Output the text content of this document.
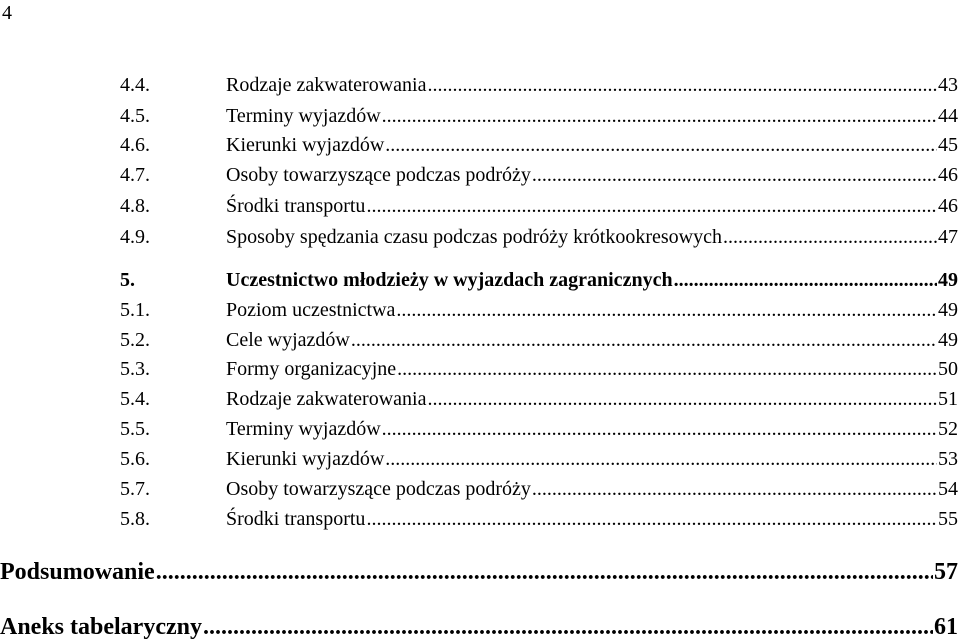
4
4.4.	Rodzaje zakwaterowania .....	43
4.5.	Terminy wyjazdów .....	44
4.6.	Kierunki wyjazdów .....	45
4.7.	Osoby towarzyszące podczas podróży .....	46
4.8.	Środki transportu .....	46
4.9.	Sposoby spędzania czasu podczas podróży krótkookresowych .....	47
5.	Uczestnictwo młodzieży w wyjazdach zagranicznych .....	49
5.1.	Poziom uczestnictwa .....	49
5.2.	Cele wyjazdów .....	49
5.3.	Formy organizacyjne .....	50
5.4.	Rodzaje zakwaterowania .....	51
5.5.	Terminy wyjazdów .....	52
5.6.	Kierunki wyjazdów .....	53
5.7.	Osoby towarzyszące podczas podróży .....	54
5.8.	Środki transportu .....	55
Podsumowanie .....	57
Aneks tabelaryczny .....	61
